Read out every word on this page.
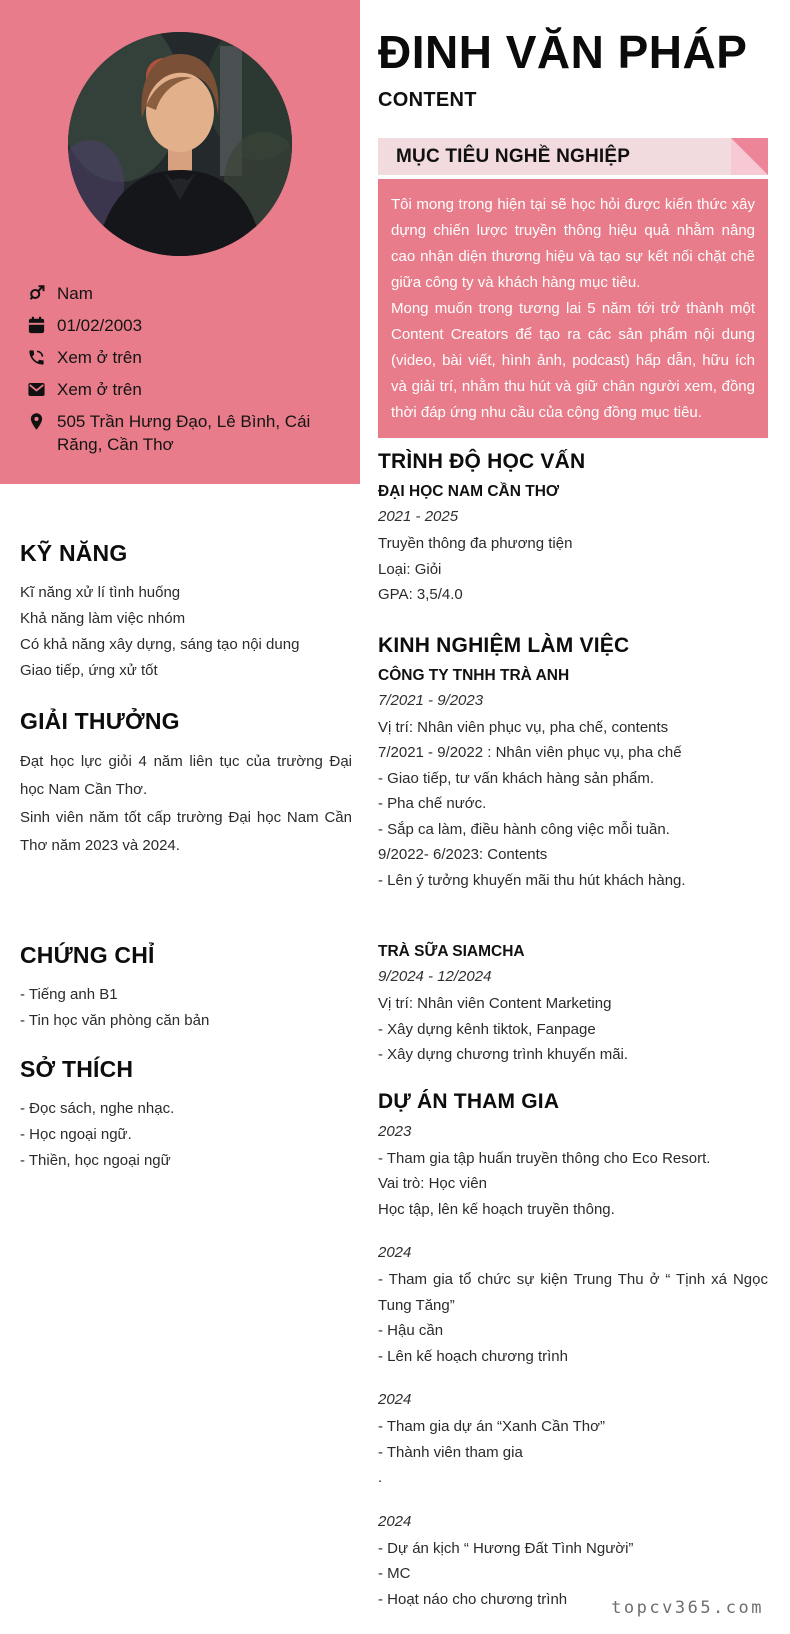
Nam
01/02/2003
Xem ở trên
Xem ở trên
505 Trần Hưng Đạo, Lê Bình, Cái Răng, Cần Thơ
KỸ NĂNG

Kĩ năng xử lí tình huống

Khả năng làm việc nhóm

Có khả năng xây dựng, sáng tạo nội dung

Giao tiếp, ứng xử tốt

GIẢI THƯỞNG

Đạt học lực giỏi 4 năm liên tục của trường Đại học Nam Cần Thơ.

Sinh viên năm tốt cấp trường Đại học Nam Cần Thơ năm 2023 và 2024.

CHỨNG CHỈ

- Tiếng anh B1

- Tin học văn phòng căn bản

SỞ THÍCH

- Đọc sách, nghe nhạc.

- Học ngoại ngữ.

- Thiền, học ngoại ngữ

ĐINH VĂN PHÁP
CONTENT
MỤC TIÊU NGHỀ NGHIỆP

Tôi mong trong hiện tại sẽ học hỏi được kiến thức xây dựng chiến lược truyền thông hiệu quả nhằm nâng cao nhận diện thương hiệu và tạo sự kết nối chặt chẽ giữa công ty và khách hàng mục tiêu.

Mong muốn trong tương lai 5 năm tới trở thành một Content Creators để tạo ra các sản phẩm nội dung (video, bài viết, hình ảnh, podcast) hấp dẫn, hữu ích và giải trí, nhằm thu hút và giữ chân người xem, đồng thời đáp ứng nhu cầu của cộng đồng mục tiêu.

TRÌNH ĐỘ HỌC VẤN
ĐẠI HỌC NAM CẦN THƠ
2021 - 2025

Truyền thông đa phương tiện

Loại: Giỏi

GPA: 3,5/4.0

KINH NGHIỆM LÀM VIỆC
CÔNG TY TNHH TRÀ ANH
7/2021 - 9/2023

Vị trí: Nhân viên phục vụ, pha chế, contents

7/2021 - 9/2022 : Nhân viên phục vụ, pha chế

- Giao tiếp, tư vấn khách hàng sản phẩm.

- Pha chế nước.

- Sắp ca làm, điều hành công việc mỗi tuần.

9/2022- 6/2023: Contents

- Lên ý tưởng khuyến mãi thu hút khách hàng.

TRÀ SỮA SIAMCHA
9/2024 - 12/2024

Vị trí: Nhân viên Content Marketing

- Xây dựng kênh tiktok, Fanpage

- Xây dựng chương trình khuyến mãi.

DỰ ÁN THAM GIA
2023

- Tham gia tập huấn truyền thông cho Eco Resort.

Vai trò: Học viên

Học tập, lên kế hoạch truyền thông.

2024

- Tham gia tổ chức sự kiện Trung Thu ở “ Tịnh xá Ngọc Tung Tăng”

- Hậu cần

- Lên kế hoạch chương trình

2024

- Tham gia dự án “Xanh Cần Thơ”

- Thành viên tham gia

.

2024

- Dự án kịch “ Hương Đất Tình Người”

- MC

- Hoạt náo cho chương trình	topcv365.com
